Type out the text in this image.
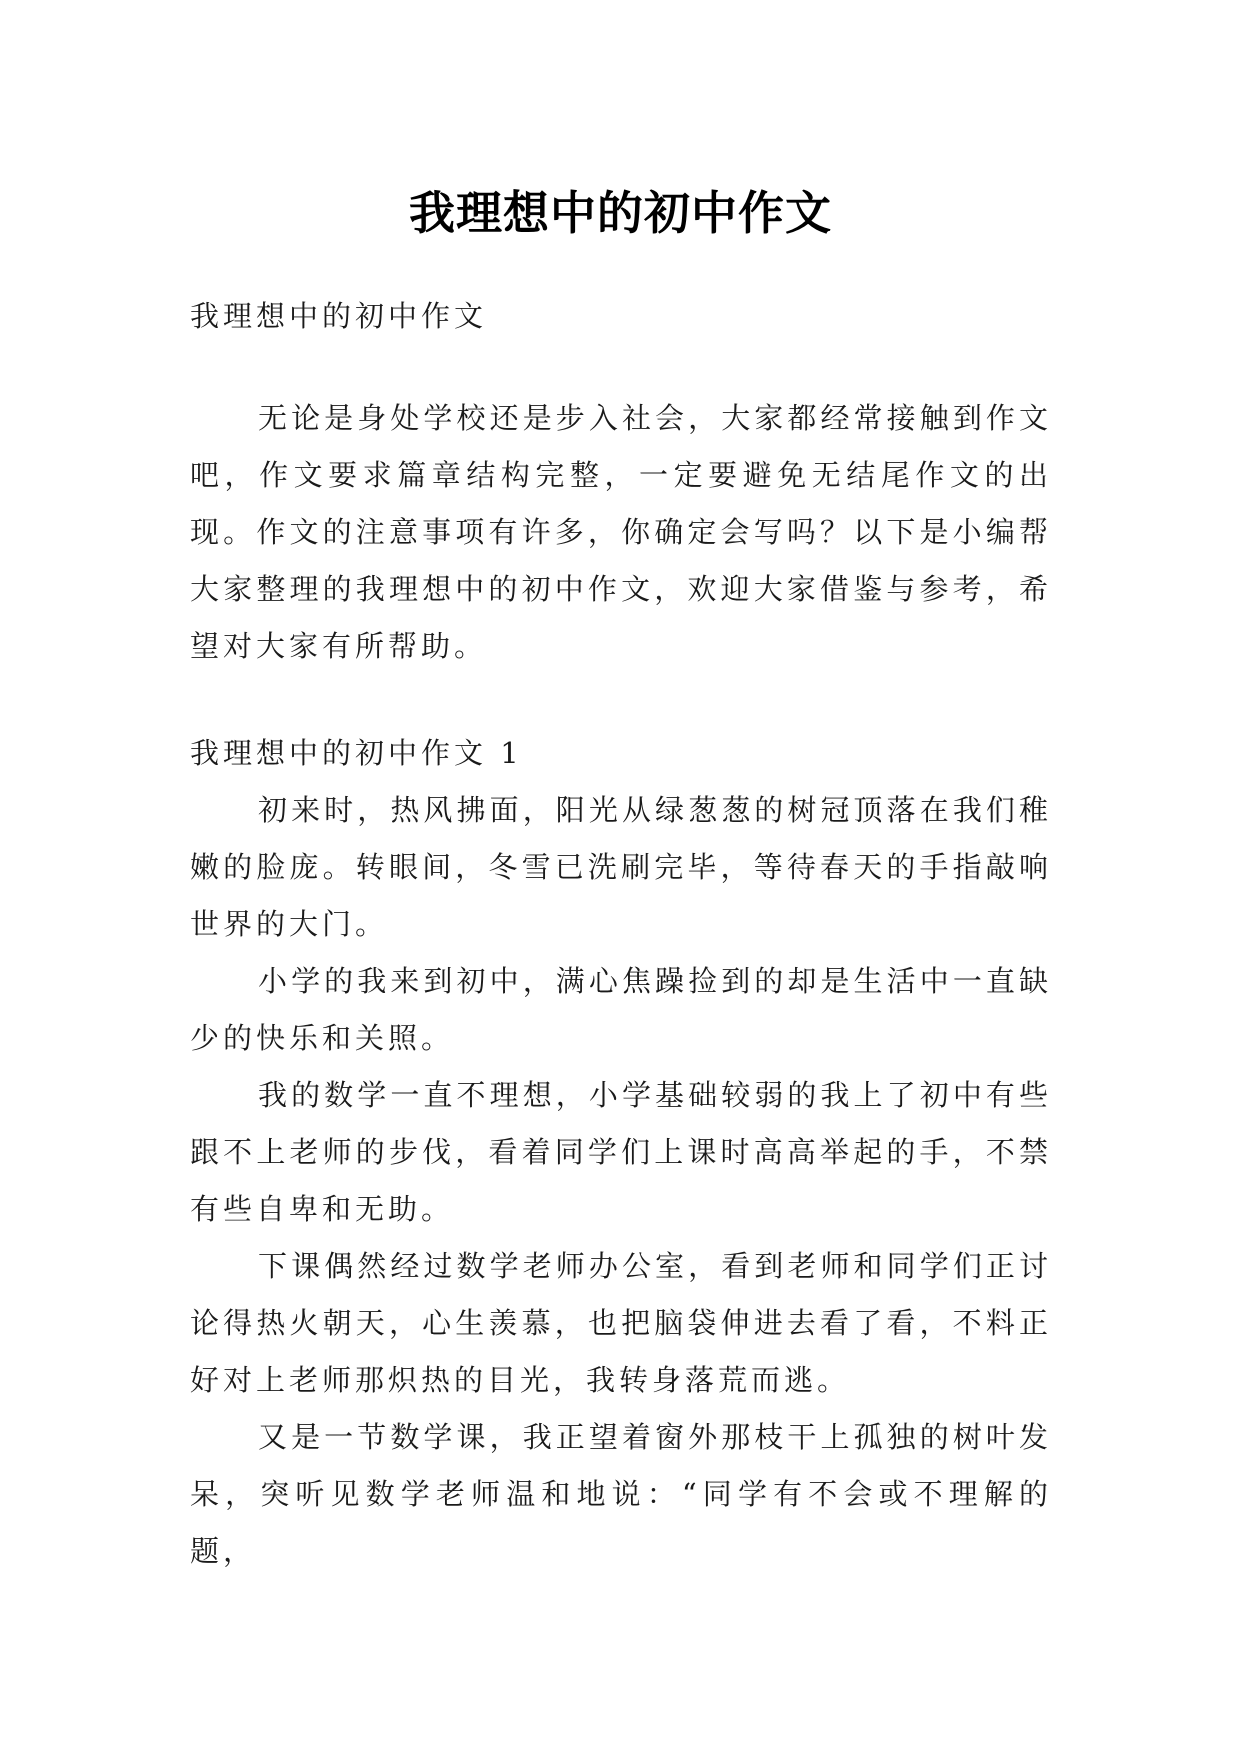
我理想中的初中作文

我理想中的初中作文

无论是身处学校还是步入社会，大家都经常接触到作文吧，作文要求篇章结构完整，一定要避免无结尾作文的出现。作文的注意事项有许多，你确定会写吗？以下是小编帮大家整理的我理想中的初中作文，欢迎大家借鉴与参考，希望对大家有所帮助。

我理想中的初中作文 1

初来时，热风拂面，阳光从绿葱葱的树冠顶落在我们稚嫩的脸庞。转眼间，冬雪已洗刷完毕，等待春天的手指敲响世界的大门。

小学的我来到初中，满心焦躁捡到的却是生活中一直缺少的快乐和关照。

我的数学一直不理想，小学基础较弱的我上了初中有些跟不上老师的步伐，看着同学们上课时高高举起的手，不禁有些自卑和无助。

下课偶然经过数学老师办公室，看到老师和同学们正讨论得热火朝天，心生羡慕，也把脑袋伸进去看了看，不料正好对上老师那炽热的目光，我转身落荒而逃。

又是一节数学课，我正望着窗外那枝干上孤独的树叶发呆，突听见数学老师温和地说：“同学有不会或不理解的题，
